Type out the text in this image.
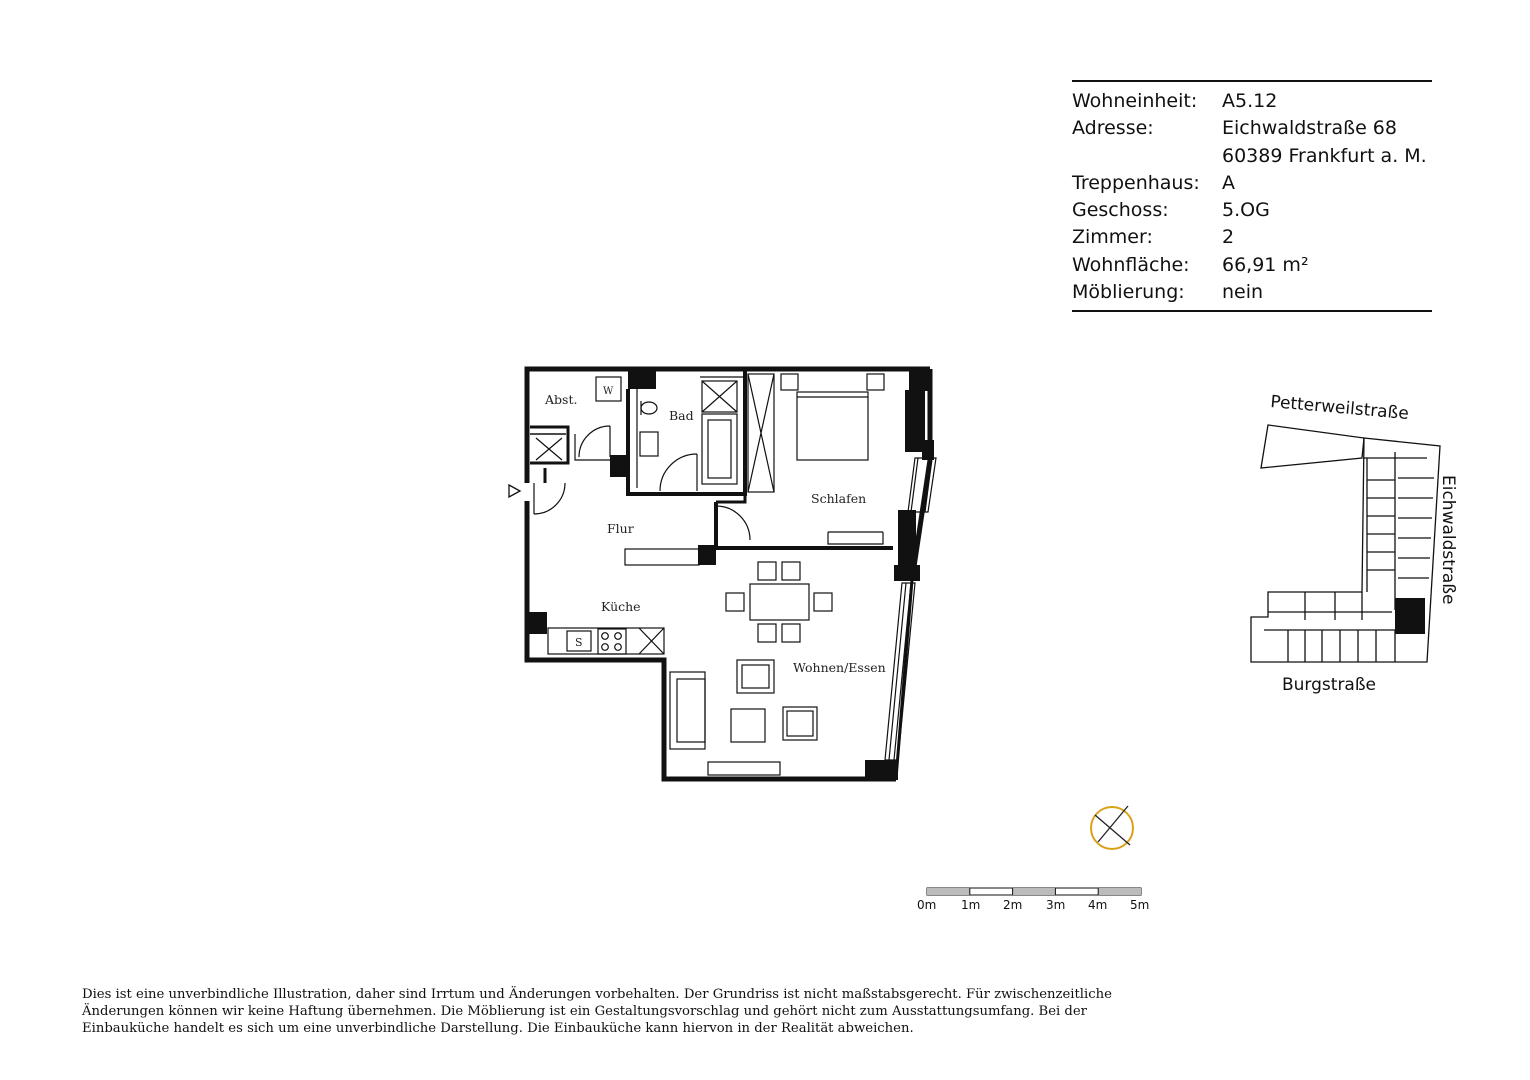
Wohneinheit:	A5.12
Adresse:	Eichwaldstraße 68
60389 Frankfurt a. M.
Treppenhaus:	A
Geschoss:	5.OG
Zimmer:	2
Wohnfläche:	66,91 m²
Möblierung:	nein
Abst.
Bad
Schlafen
Flur
Küche
Wohnen/Essen
W
S
Petterweilstraße
Eichwaldstraße
Burgstraße
0m 1m 2m 3m 4m 5m
Dies ist eine unverbindliche Illustration, daher sind Irrtum und Änderungen vorbehalten. Der Grundriss ist nicht maßstabsgerecht. Für zwischenzeitliche Änderungen können wir keine Haftung übernehmen. Die Möblierung ist ein Gestaltungsvorschlag und gehört nicht zum Ausstattungsumfang. Bei der Einbauküche handelt es sich um eine unverbindliche Darstellung. Die Einbauküche kann hiervon in der Realität abweichen.
